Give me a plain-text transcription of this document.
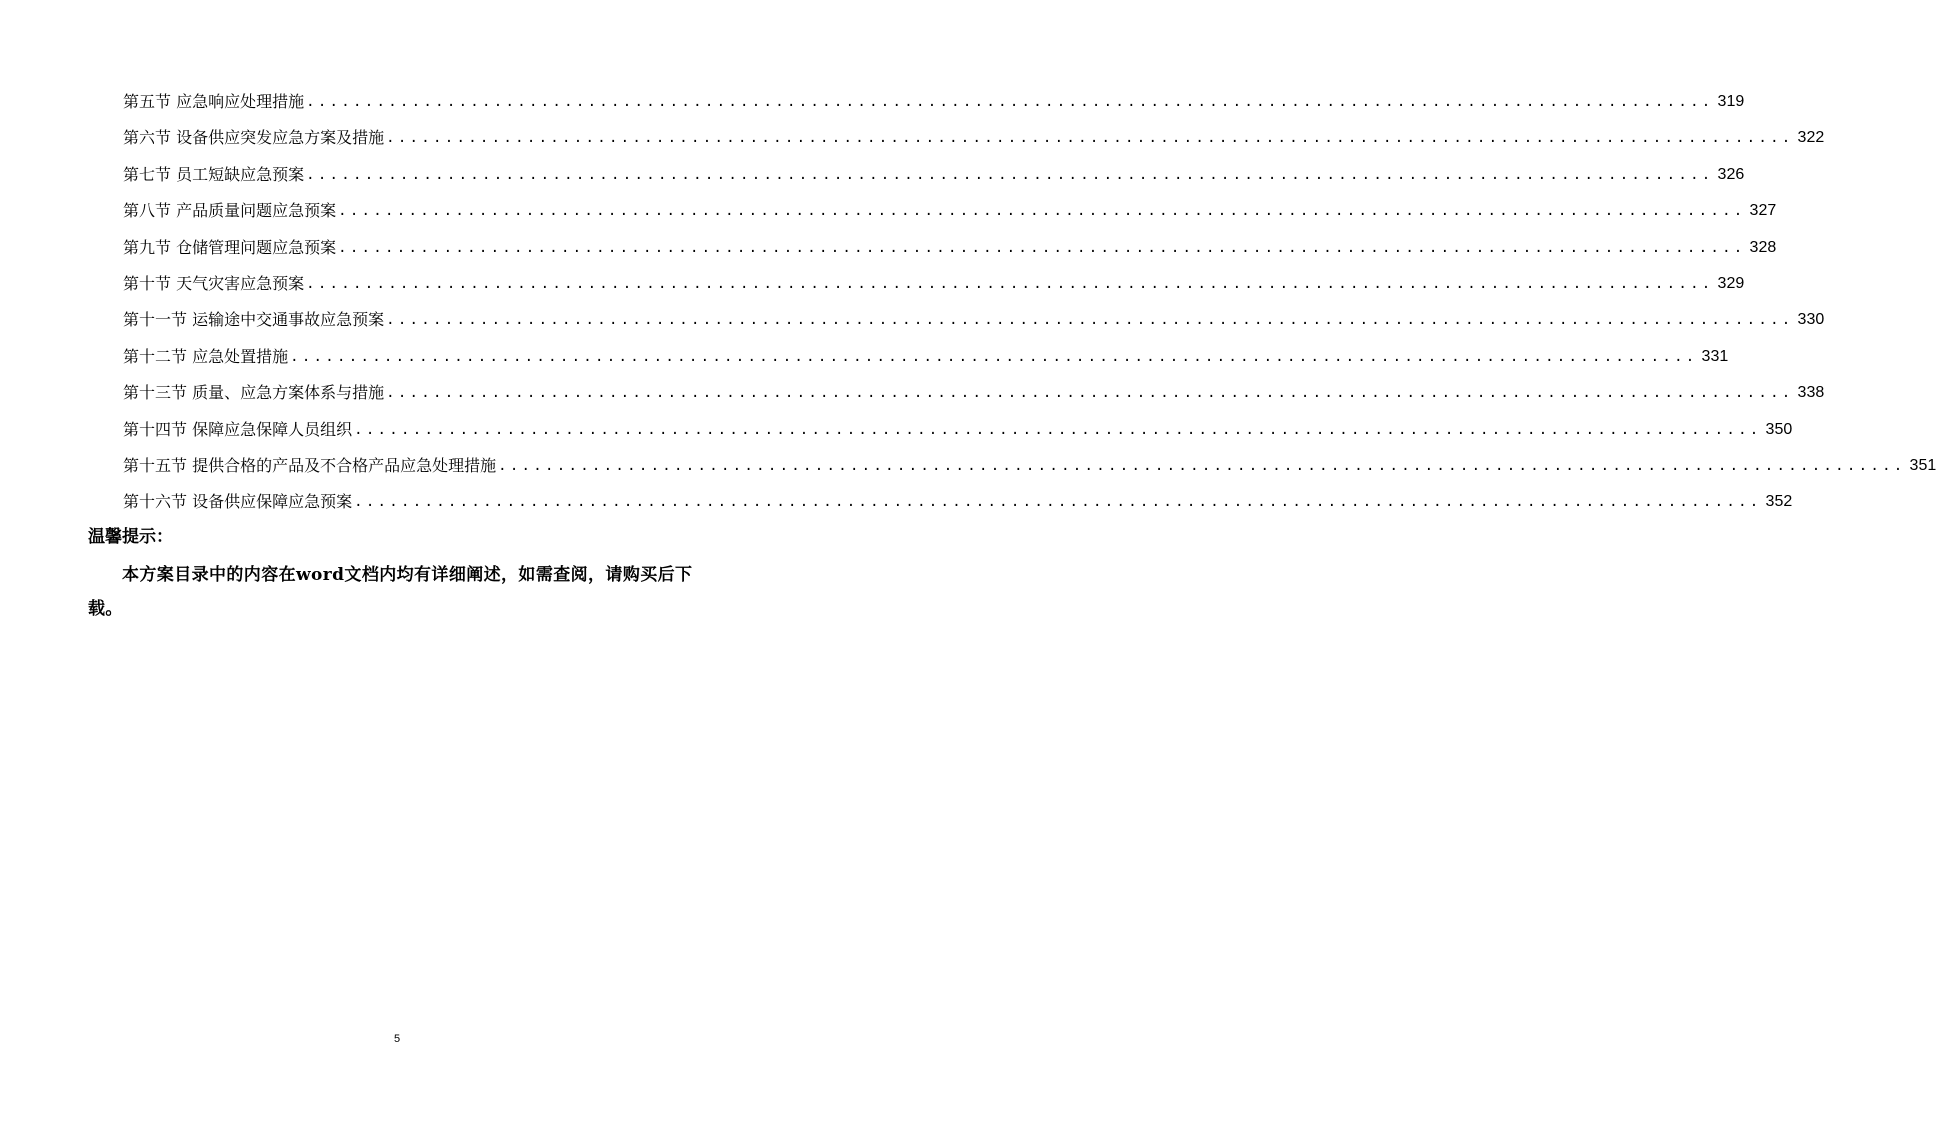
第五节 应急响应处理措施 ........................................................................................................................ 319
第六节 设备供应突发应急方案及措施 ........................................................................................................................ 322
第七节 员工短缺应急预案 ........................................................................................................................ 326
第八节 产品质量问题应急预案 ........................................................................................................................ 327
第九节 仓储管理问题应急预案 ........................................................................................................................ 328
第十节 天气灾害应急预案 ........................................................................................................................ 329
第十一节 运输途中交通事故应急预案 ........................................................................................................................ 330
第十二节 应急处置措施 ........................................................................................................................ 331
第十三节 质量、应急方案体系与措施 ........................................................................................................................ 338
第十四节 保障应急保障人员组织 ........................................................................................................................ 350
第十五节 提供合格的产品及不合格产品应急处理措施 ........................................................................................................................ 351
第十六节 设备供应保障应急预案 ........................................................................................................................ 352

温馨提示：

本方案目录中的内容在word文档内均有详细阐述，如需查阅，请购买后下载。

5
